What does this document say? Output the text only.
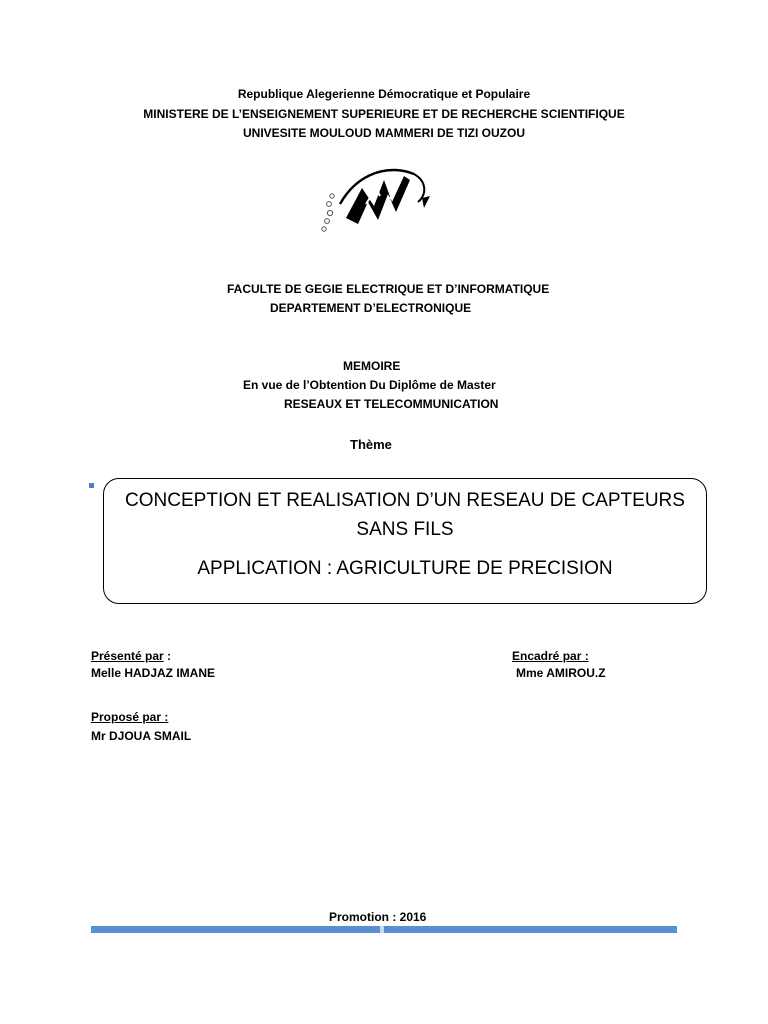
Republique Alegerienne Démocratique et Populaire
MINISTERE DE L’ENSEIGNEMENT SUPERIEURE ET DE RECHERCHE SCIENTIFIQUE
UNIVESITE MOULOUD MAMMERI DE TIZI OUZOU
FACULTE DE GEGIE ELECTRIQUE ET D’INFORMATIQUE
DEPARTEMENT D’ELECTRONIQUE
MEMOIRE
En vue de l’Obtention Du Diplôme de Master
RESEAUX ET TELECOMMUNICATION
Thème
CONCEPTION ET REALISATION D’UN RESEAU DE CAPTEURS
SANS FILS
APPLICATION : AGRICULTURE DE PRECISION
Présenté par :
Melle HADJAZ IMANE
Encadré par :
Mme AMIROU.Z
Proposé par :
Mr DJOUA SMAIL
Promotion : 2016
